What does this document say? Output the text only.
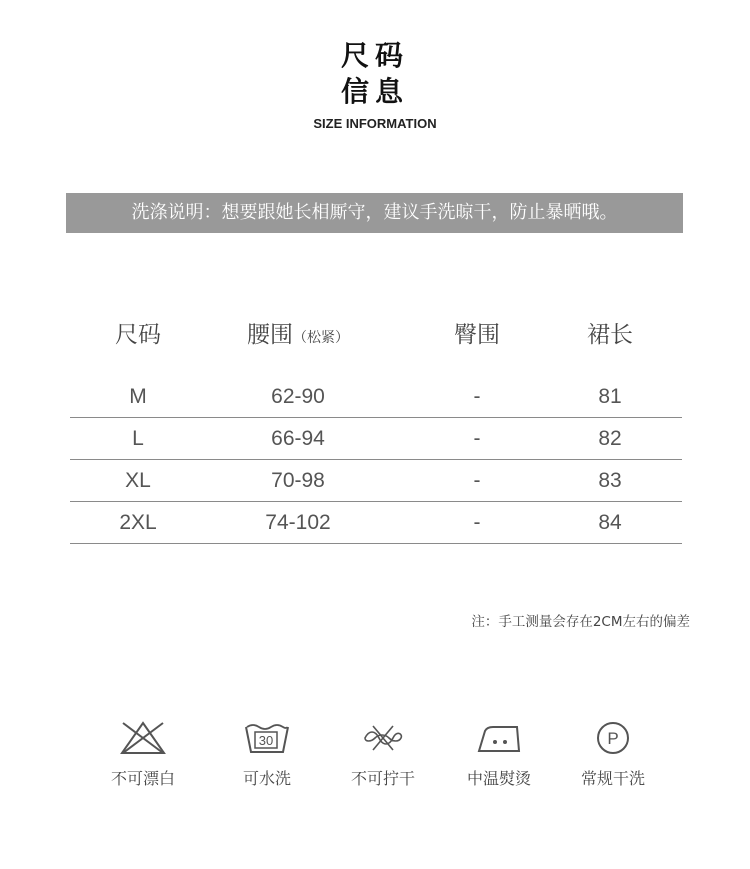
尺码
信息
SIZE INFORMATION
洗涤说明：想要跟她长相厮守，建议手洗晾干，防止暴晒哦。
尺码	腰围（松紧）	臀围	裙长
M	62-90	-	81
L	66-94	-	82
XL	70-98	-	83
2XL	74-102	-	84
注：手工测量会存在2CM左右的偏差
不可漂白
30
可水洗	不可拧干	中温熨烫
P
常规干洗
